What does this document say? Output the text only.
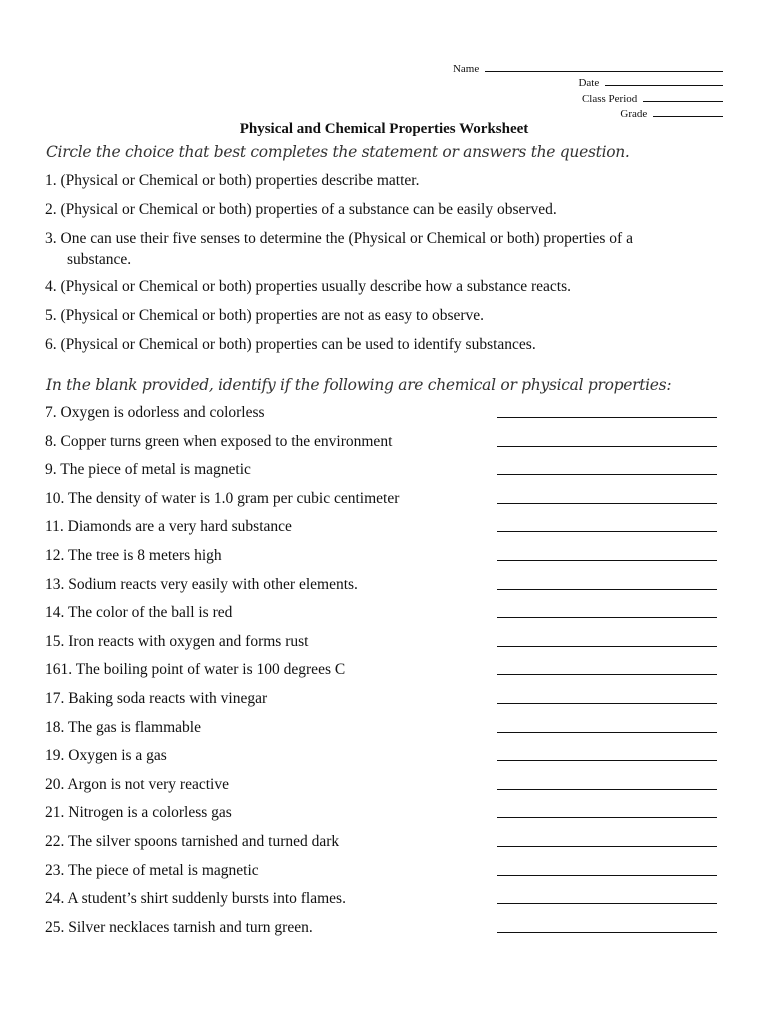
Name
Date
Class Period
Grade
Physical and Chemical Properties Worksheet
Circle the choice that best completes the statement or answers the question.
1. (Physical or Chemical or both) properties describe matter.
2. (Physical or Chemical or both) properties of a substance can be easily observed.
3. One can use their five senses to determine the (Physical or Chemical or both) properties of a
substance.
4. (Physical or Chemical or both) properties usually describe how a substance reacts.
5. (Physical or Chemical or both) properties are not as easy to observe.
6. (Physical or Chemical or both) properties can be used to identify substances.
In the blank provided, identify if the following are chemical or physical properties:
7. Oxygen is odorless and colorless
8. Copper turns green when exposed to the environment
9. The piece of metal is magnetic
10. The density of water is 1.0 gram per cubic centimeter
11. Diamonds are a very hard substance
12. The tree is 8 meters high
13. Sodium reacts very easily with other elements.
14. The color of the ball is red
15. Iron reacts with oxygen and forms rust
161. The boiling point of water is 100 degrees C
17. Baking soda reacts with vinegar
18. The gas is flammable
19. Oxygen is a gas
20. Argon is not very reactive
21. Nitrogen is a colorless gas
22. The silver spoons tarnished and turned dark
23. The piece of metal is magnetic
24. A student’s shirt suddenly bursts into flames.
25. Silver necklaces tarnish and turn green.
